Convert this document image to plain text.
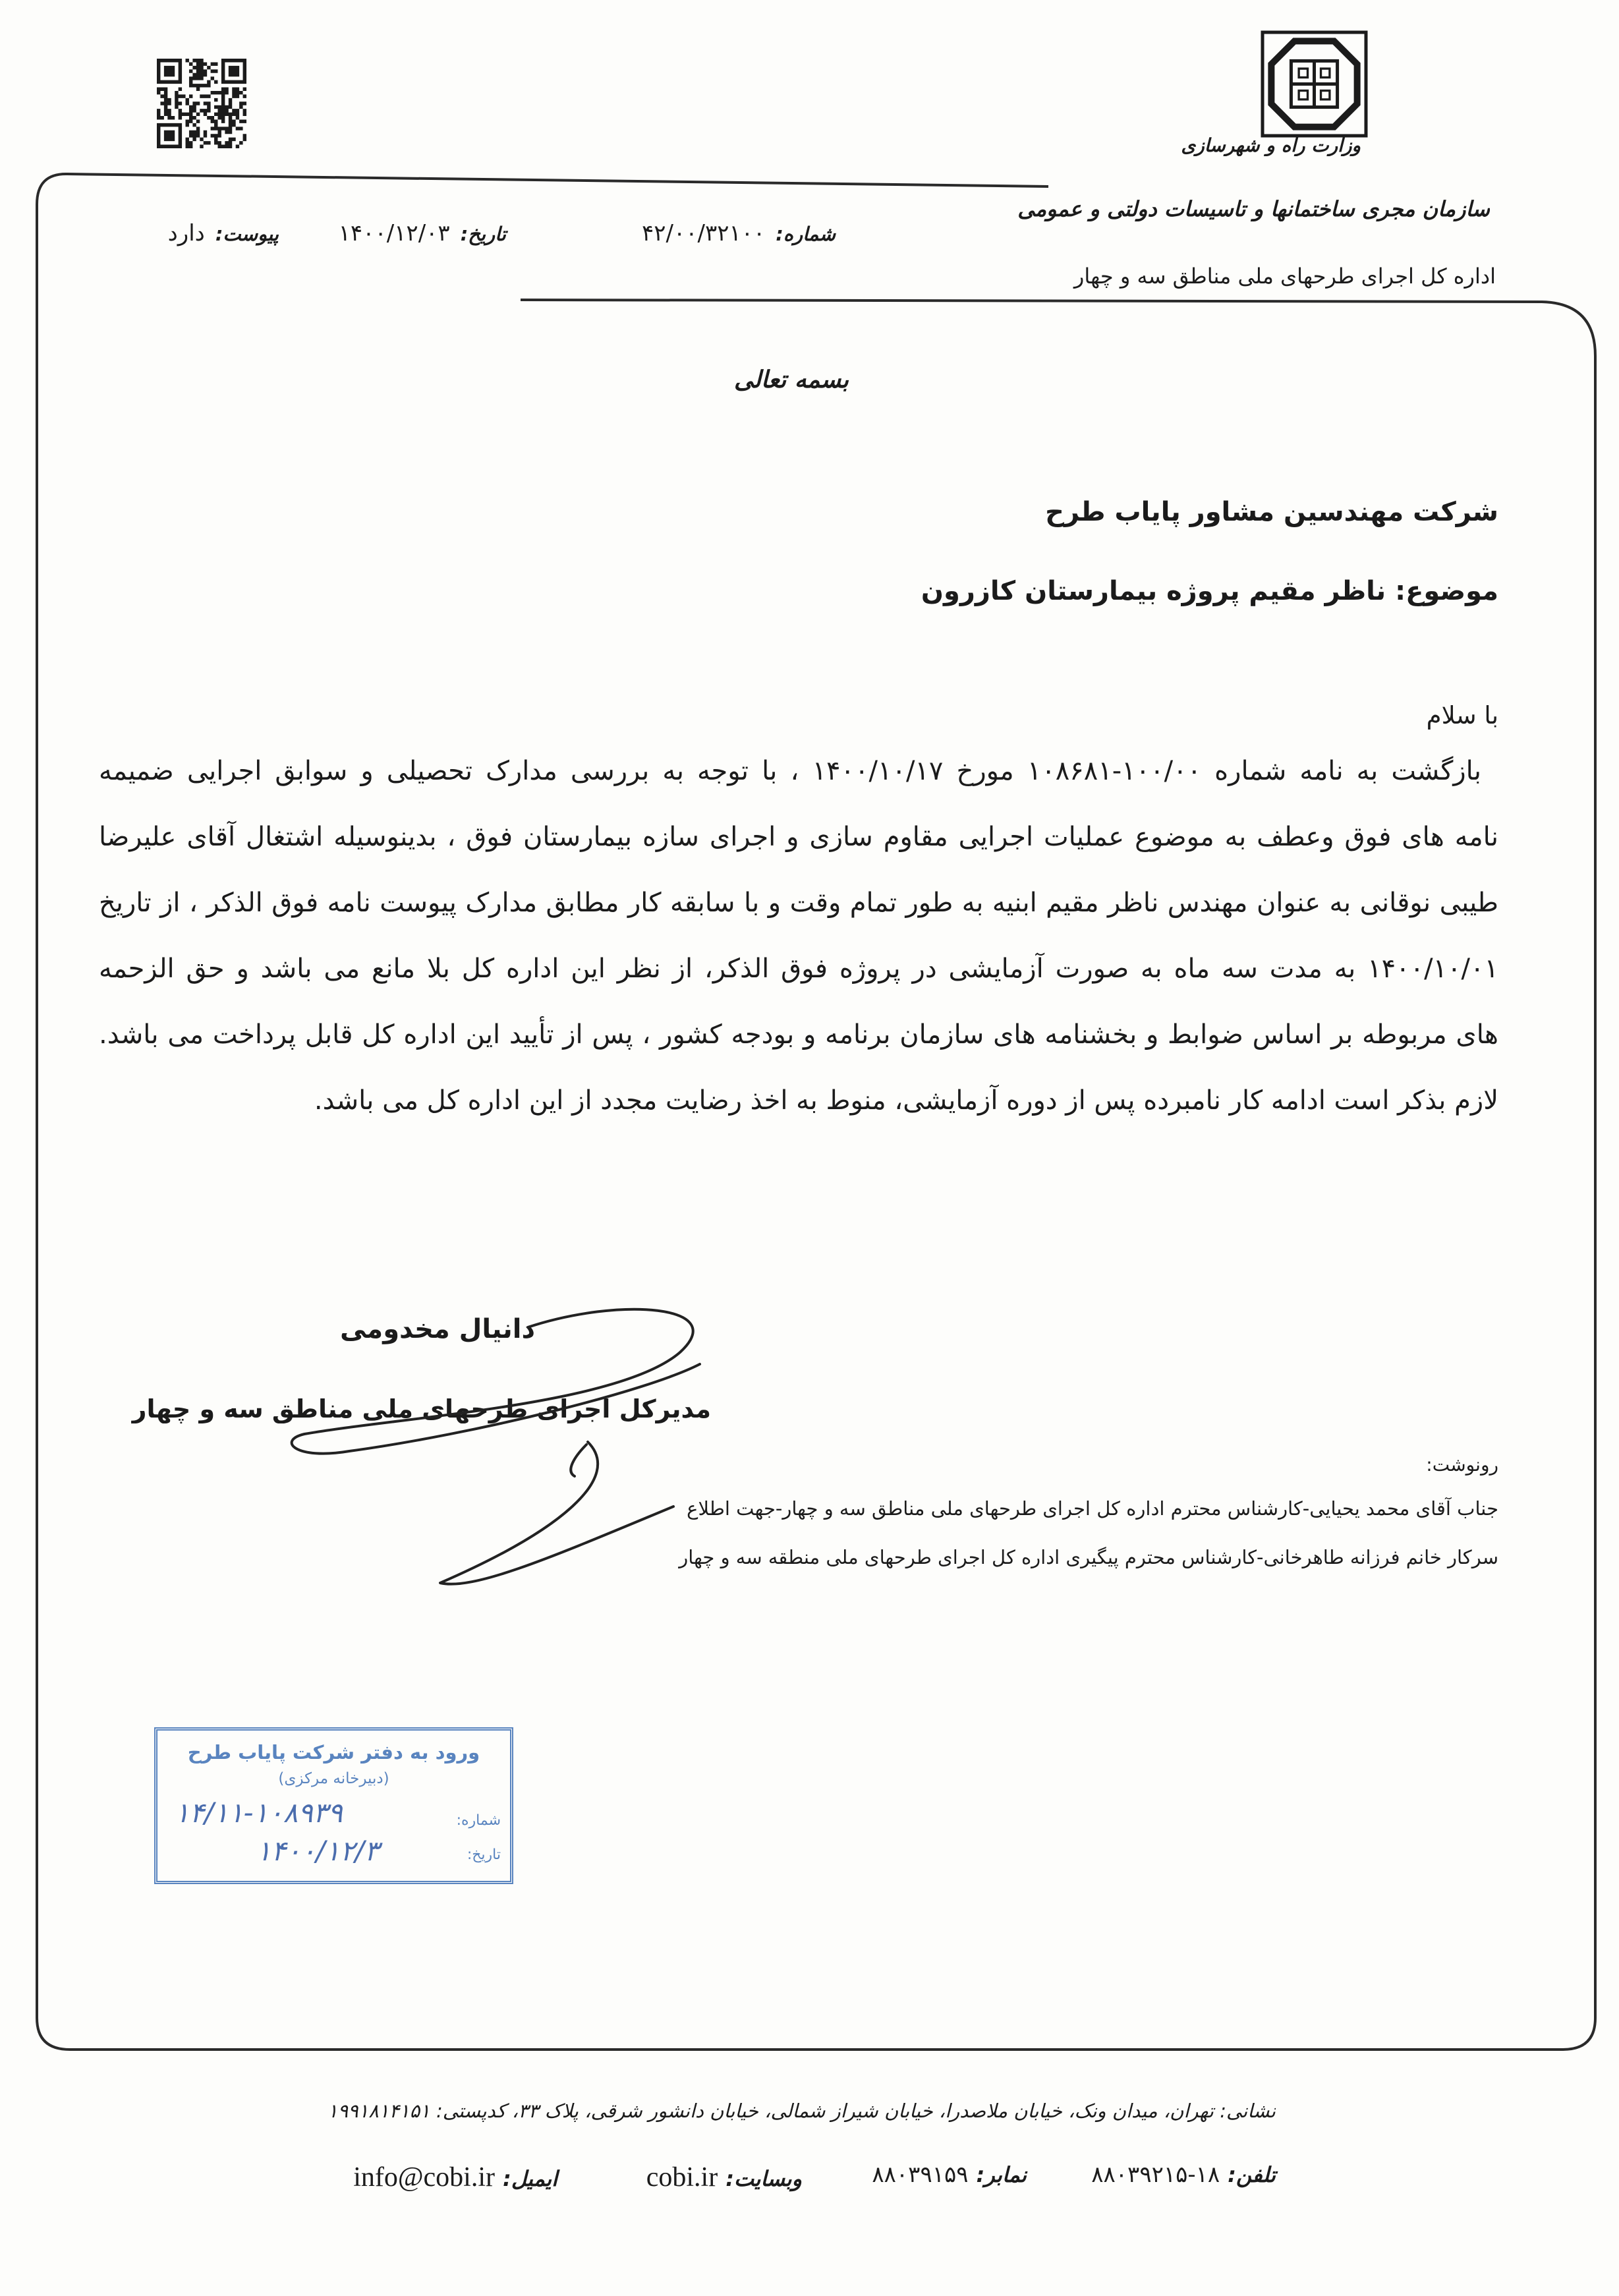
وزارت راه و شهرسازی
سازمان مجری ساختمانها و تاسیسات دولتی و عمومی
اداره کل اجرای طرحهای ملی مناطق سه و چهار
شماره:
۴۲/۰۰/۳۲۱۰۰
تاریخ:
۱۴۰۰/۱۲/۰۳
پیوست:
دارد
بسمه تعالی
شرکت مهندسین مشاور پایاب طرح
موضوع: ناظر مقیم پروژه بیمارستان کازرون
با سلام
بازگشت به نامه شماره ۱۰۰/۰۰-۱۰۸۶۸۱ مورخ ۱۴۰۰/۱۰/۱۷ ، با توجه به بررسی مدارک تحصیلی و سوابق اجرایی ضمیمه
نامه های فوق وعطف به موضوع عملیات اجرایی مقاوم سازی و اجرای سازه بیمارستان فوق ، بدینوسیله اشتغال آقای علیرضا
طیبی نوقانی به عنوان مهندس ناظر مقیم ابنیه به طور تمام وقت و با سابقه کار مطابق مدارک پیوست نامه فوق الذکر ، از تاریخ
۱۴۰۰/۱۰/۰۱ به مدت سه ماه به صورت آزمایشی در پروژه فوق الذکر، از نظر این اداره کل بلا مانع می باشد و حق الزحمه
های مربوطه بر اساس ضوابط و بخشنامه های سازمان برنامه و بودجه کشور ، پس از تأیید این اداره کل قابل پرداخت می باشد.
لازم بذکر است ادامه کار نامبرده پس از دوره آزمایشی، منوط به اخذ رضایت مجدد از این اداره کل می باشد.
دانیال مخدومی
مدیرکل اجرای طرحهای ملی مناطق سه و چهار
رونوشت:
جناب آقای محمد یحیایی-کارشناس محترم اداره کل اجرای طرحهای ملی مناطق سه و چهار-جهت اطلاع
سرکار خانم فرزانه طاهرخانی-کارشناس محترم پیگیری اداره کل اجرای طرحهای ملی منطقه سه و چهار
ورود به دفتر شرکت پایاب طرح
(دبیرخانه مرکزی)
شماره:
تاریخ:
۱۴/۱۱-۱۰۸۹۳۹
۱۴۰۰/۱۲/۳
نشانی: تهران، میدان ونک، خیابان ملاصدرا، خیابان شیراز شمالی، خیابان دانشور شرقی، پلاک ۳۳، کدپستی: ۱۹۹۱۸۱۴۱۵۱
تلفن:
۸۸۰۳۹۲۱۵-۱۸
نمابر:
۸۸۰۳۹۱۵۹
وبسایت:
cobi.ir
ایمیل:
info@cobi.ir
